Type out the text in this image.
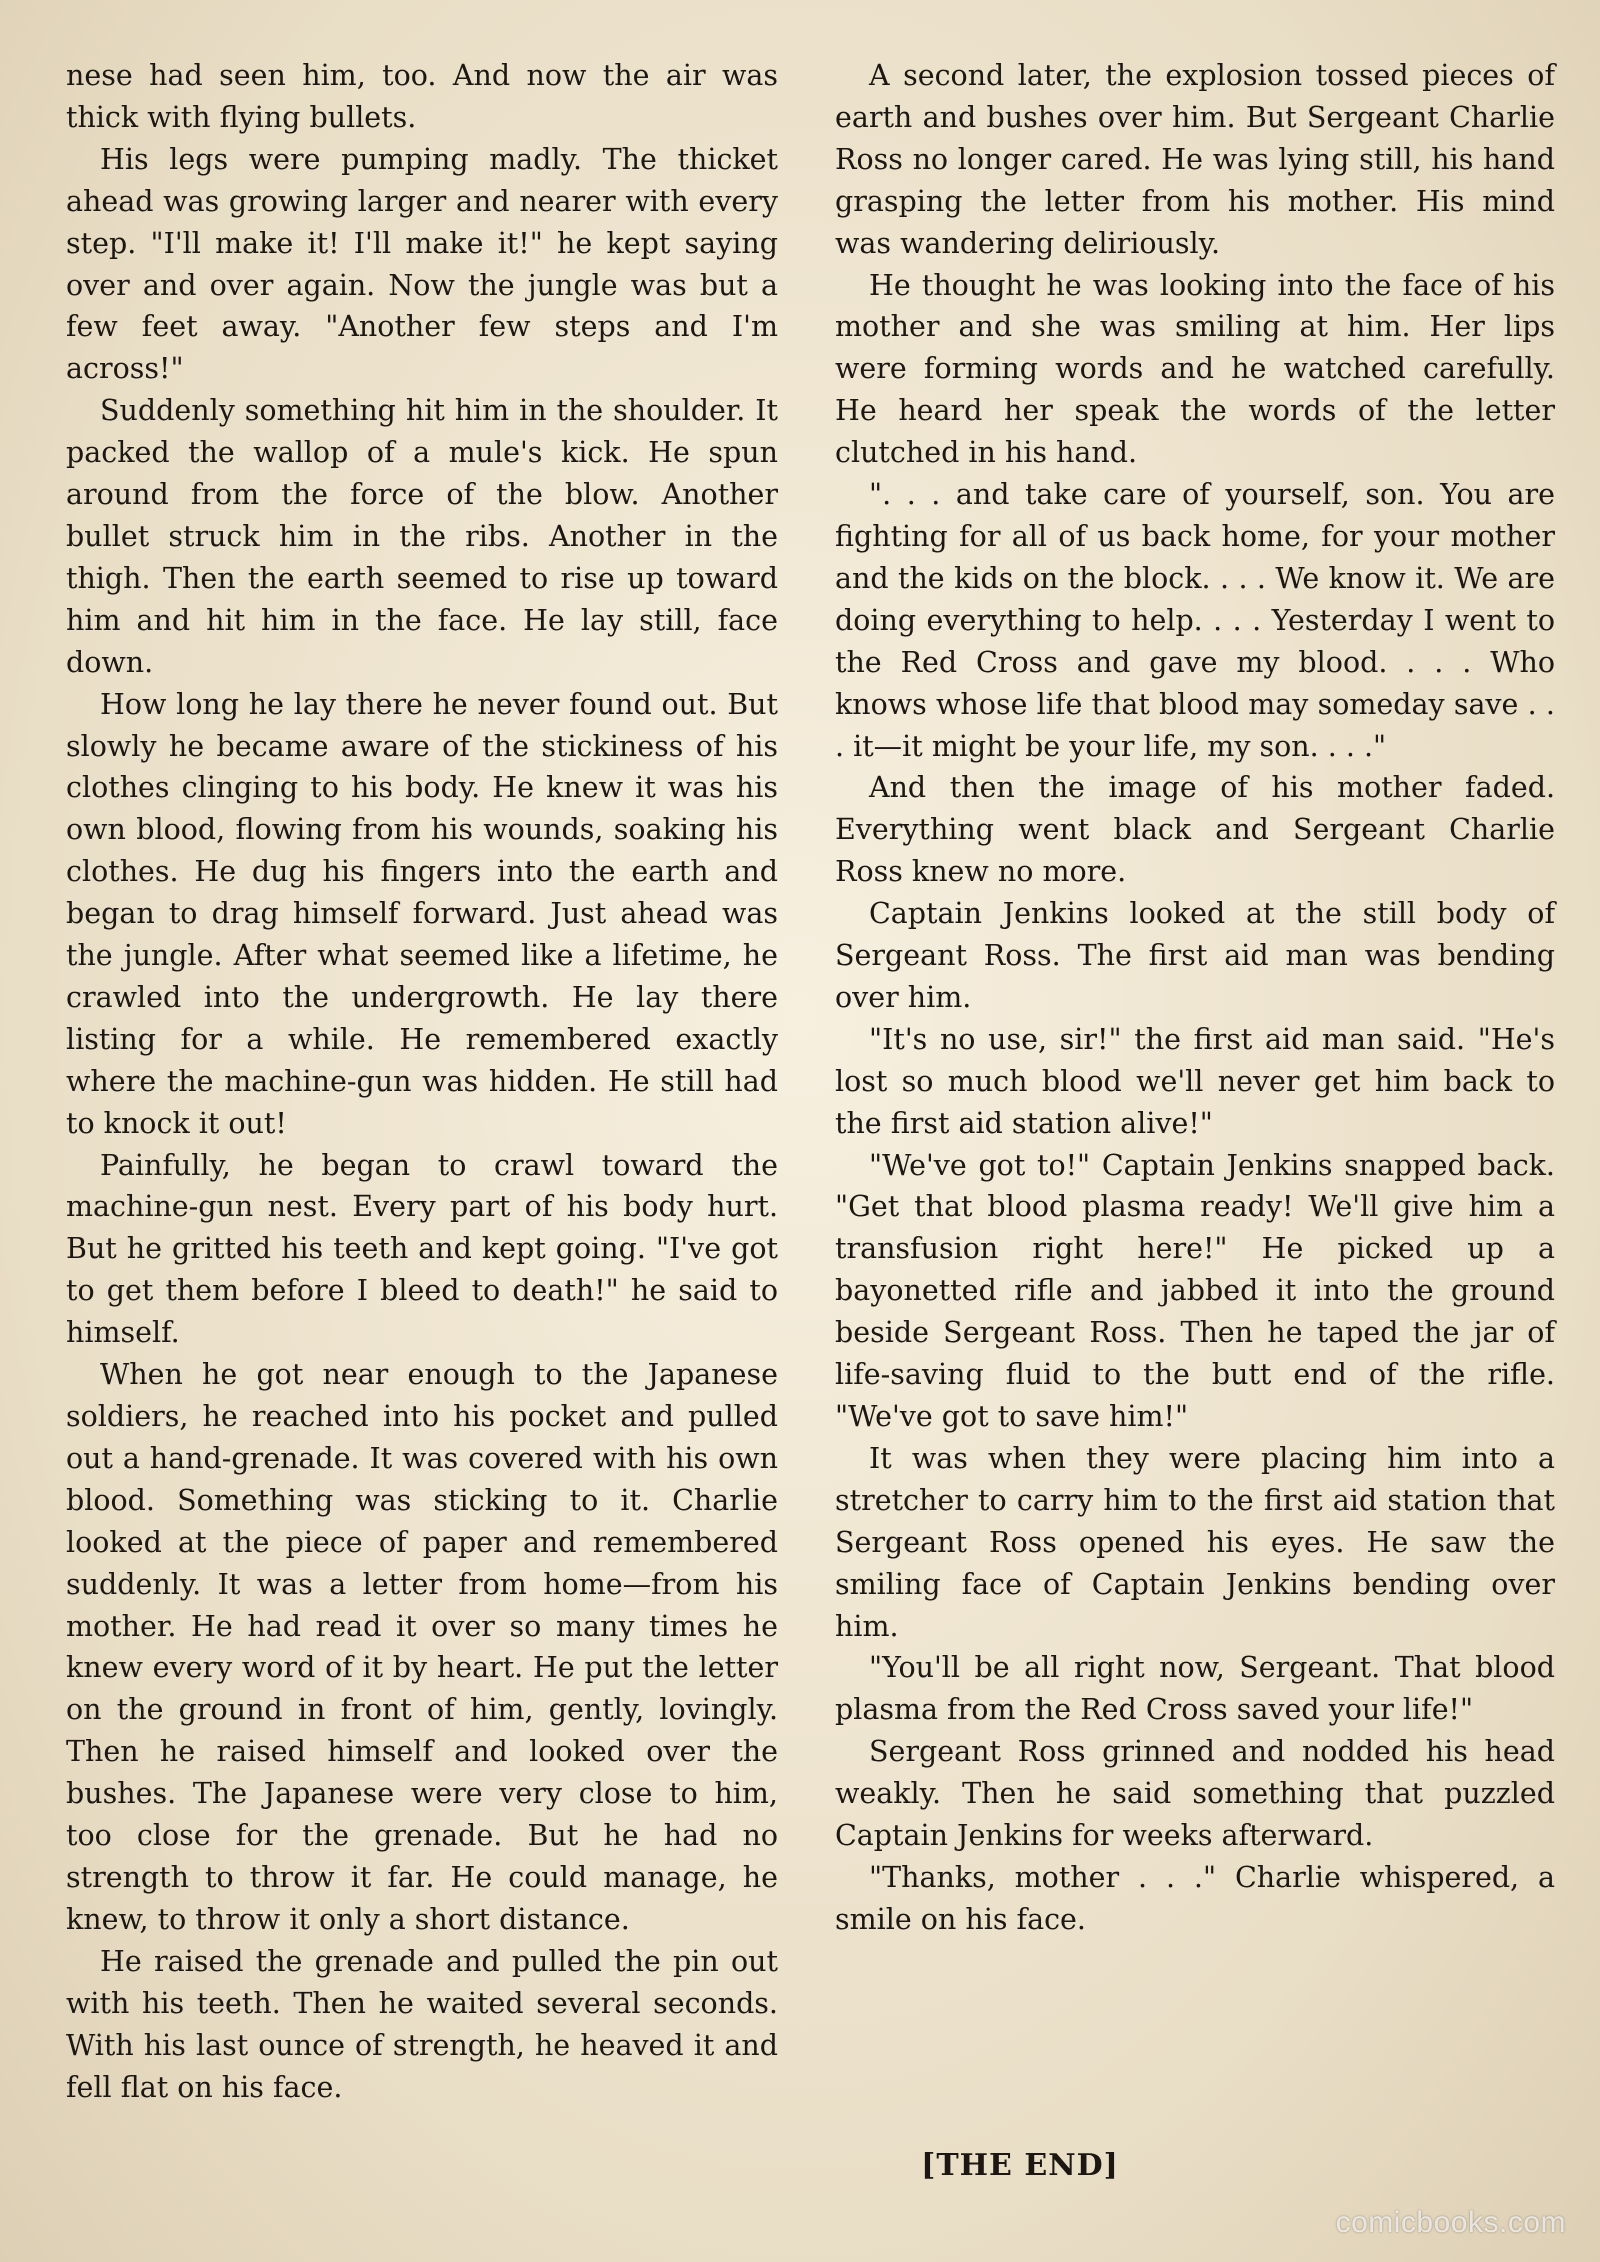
nese had seen him, too. And now the air was thick with flying bullets.

His legs were pumping madly. The thicket ahead was growing larger and nearer with every step. "I'll make it! I'll make it!" he kept saying over and over again. Now the jungle was but a few feet away. "Another few steps and I'm across!"

Suddenly something hit him in the shoulder. It packed the wallop of a mule's kick. He spun around from the force of the blow. Another bullet struck him in the ribs. Another in the thigh. Then the earth seemed to rise up toward him and hit him in the face. He lay still, face down.

How long he lay there he never found out. But slowly he became aware of the stickiness of his clothes clinging to his body. He knew it was his own blood, flowing from his wounds, soaking his clothes. He dug his fingers into the earth and began to drag himself forward. Just ahead was the jungle. After what seemed like a lifetime, he crawled into the undergrowth. He lay there listing for a while. He remembered exactly where the machine-gun was hidden. He still had to knock it out!

Painfully, he began to crawl toward the machine-gun nest. Every part of his body hurt. But he gritted his teeth and kept going. "I've got to get them before I bleed to death!" he said to himself.

When he got near enough to the Japanese soldiers, he reached into his pocket and pulled out a hand-grenade. It was covered with his own blood. Something was sticking to it. Charlie looked at the piece of paper and remembered suddenly. It was a letter from home—from his mother. He had read it over so many times he knew every word of it by heart. He put the letter on the ground in front of him, gently, lovingly. Then he raised himself and looked over the bushes. The Japanese were very close to him, too close for the grenade. But he had no strength to throw it far. He could manage, he knew, to throw it only a short distance.

He raised the grenade and pulled the pin out with his teeth. Then he waited several seconds. With his last ounce of strength, he heaved it and fell flat on his face.

A second later, the explosion tossed pieces of earth and bushes over him. But Sergeant Charlie Ross no longer cared. He was lying still, his hand grasping the letter from his mother. His mind was wandering deliriously.

He thought he was looking into the face of his mother and she was smiling at him. Her lips were forming words and he watched carefully. He heard her speak the words of the letter clutched in his hand.

". . . and take care of yourself, son. You are fighting for all of us back home, for your mother and the kids on the block. . . . We know it. We are doing everything to help. . . . Yesterday I went to the Red Cross and gave my blood. . . . Who knows whose life that blood may someday save . . . it—it might be your life, my son. . . ."

And then the image of his mother faded. Everything went black and Sergeant Charlie Ross knew no more.

Captain Jenkins looked at the still body of Sergeant Ross. The first aid man was bending over him.

"It's no use, sir!" the first aid man said. "He's lost so much blood we'll never get him back to the first aid station alive!"

"We've got to!" Captain Jenkins snapped back. "Get that blood plasma ready! We'll give him a transfusion right here!" He picked up a bayonetted rifle and jabbed it into the ground beside Sergeant Ross. Then he taped the jar of life-saving fluid to the butt end of the rifle. "We've got to save him!"

It was when they were placing him into a stretcher to carry him to the first aid station that Sergeant Ross opened his eyes. He saw the smiling face of Captain Jenkins bending over him.

"You'll be all right now, Sergeant. That blood plasma from the Red Cross saved your life!"

Sergeant Ross grinned and nodded his head weakly. Then he said something that puzzled Captain Jenkins for weeks afterward.

"Thanks, mother . . ." Charlie whispered, a smile on his face.

[THE END]
comicbooks.com
